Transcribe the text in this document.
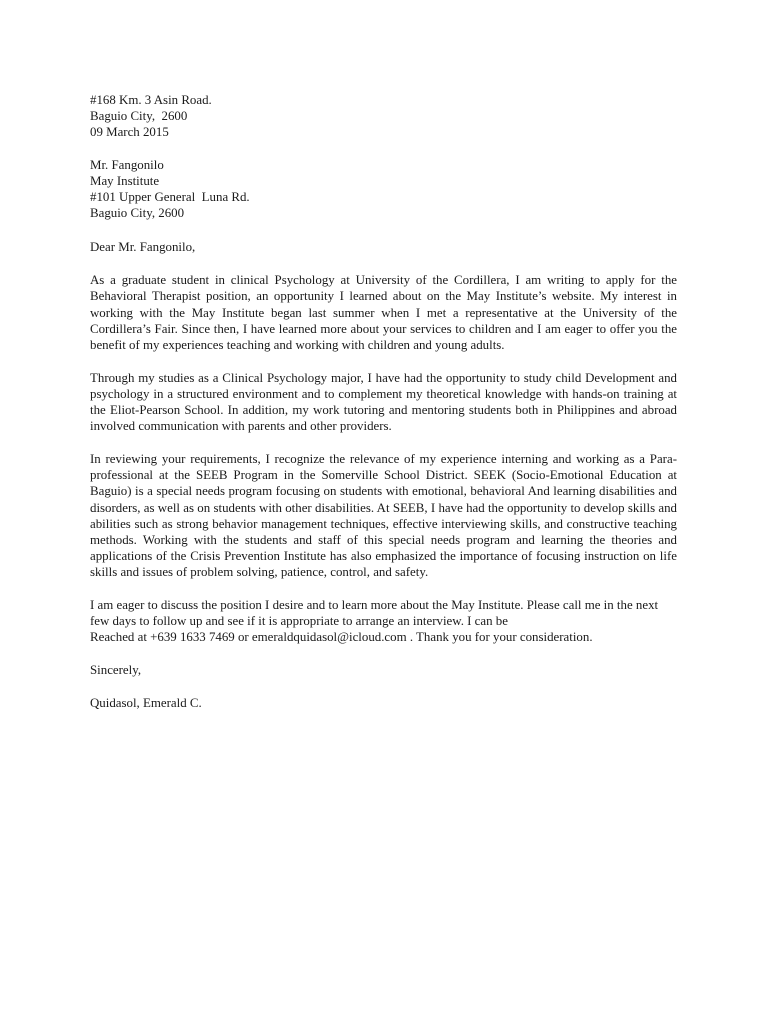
#168 Km. 3 Asin Road.
Baguio City,  2600
09 March 2015
Mr. Fangonilo
May Institute
#101 Upper General  Luna Rd.
Baguio City, 2600

Dear Mr. Fangonilo,

As a graduate student in clinical Psychology at University of the Cordillera, I am writing to apply for the Behavioral Therapist position, an opportunity I learned about on the May Institute’s website. My interest in working with the May Institute began last summer when I met a representative at the University of the Cordillera’s Fair. Since then, I have learned more about your services to children and I am eager to offer you the benefit of my experiences teaching and working with children and young adults.

Through my studies as a Clinical Psychology major, I have had the opportunity to study child Development and psychology in a structured environment and to complement my theoretical knowledge with hands-on training at the Eliot-Pearson School. In addition, my work tutoring and mentoring students both in Philippines and abroad involved communication with parents and other providers.

In reviewing your requirements, I recognize the relevance of my experience interning and working as a Para- professional at the SEEB Program in the Somerville School District. SEEK (Socio-Emotional Education at Baguio) is a special needs program focusing on students with emotional, behavioral And learning disabilities and disorders, as well as on students with other disabilities. At SEEB, I have had the opportunity to develop skills and abilities such as strong behavior management techniques, effective interviewing skills, and constructive teaching methods. Working with the students and staff of this special needs program and learning the theories and applications of the Crisis Prevention Institute has also emphasized the importance of focusing instruction on life skills and issues of problem solving, patience, control, and safety.

I am eager to discuss the position I desire and to learn more about the May Institute. Please call me in the next few days to follow up and see if it is appropriate to arrange an interview. I can be
Reached at +639 1633 7469 or emeraldquidasol@icloud.com . Thank you for your consideration.

Sincerely,

Quidasol, Emerald C.
